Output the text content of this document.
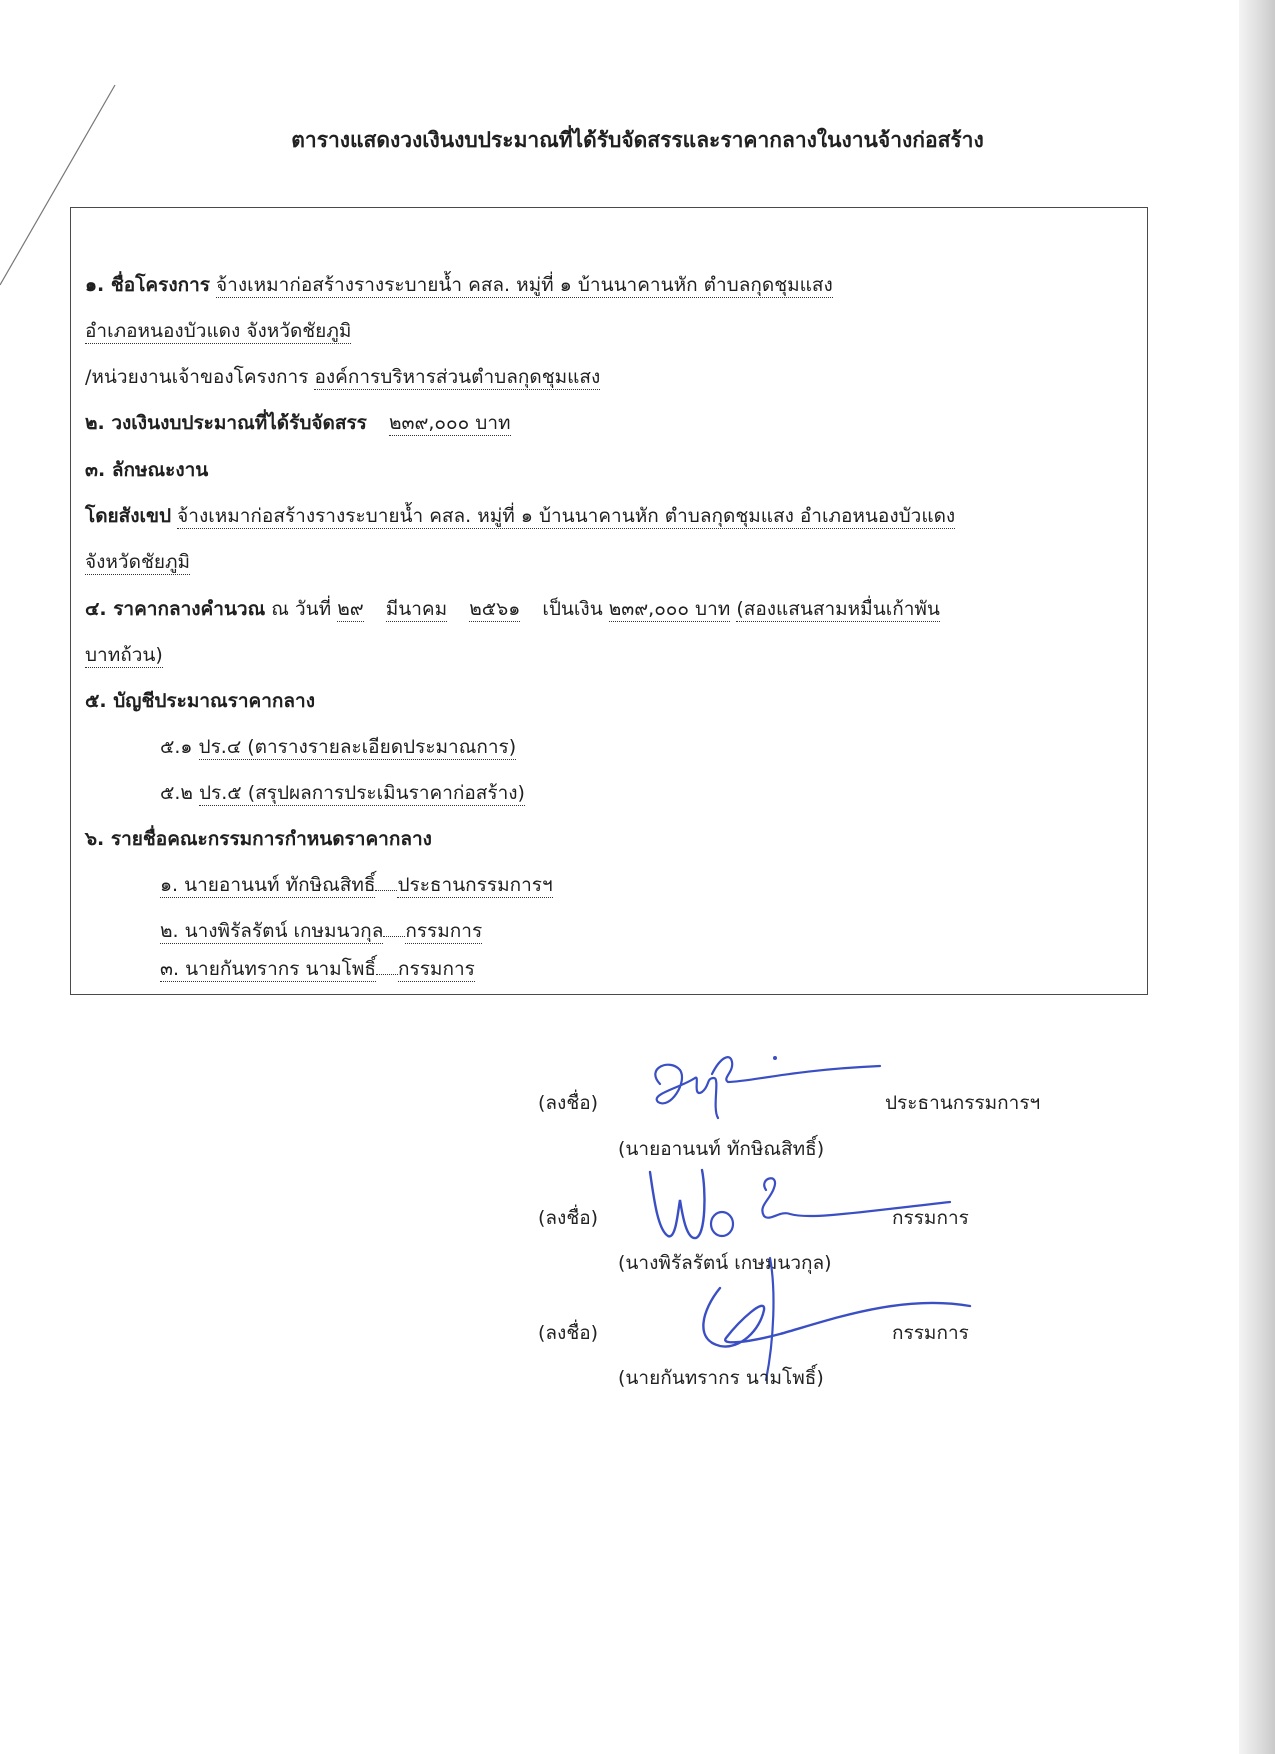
ตารางแสดงวงเงินงบประมาณที่ได้รับจัดสรรและราคากลางในงานจ้างก่อสร้าง
๑. ชื่อโครงการ จ้างเหมาก่อสร้างรางระบายน้ำ คสล. หมู่ที่ ๑ บ้านนาคานหัก ตำบลกุดชุมแสง
อำเภอหนองบัวแดง จังหวัดชัยภูมิ
/หน่วยงานเจ้าของโครงการ องค์การบริหารส่วนตำบลกุดชุมแสง
๒. วงเงินงบประมาณที่ได้รับจัดสรร ๒๓๙,๐๐๐ บาท
๓. ลักษณะงาน
โดยสังเขป จ้างเหมาก่อสร้างรางระบายน้ำ คสล. หมู่ที่ ๑ บ้านนาคานหัก ตำบลกุดชุมแสง อำเภอหนองบัวแดง
จังหวัดชัยภูมิ
๔. ราคากลางคำนวณ ณ วันที่ ๒๙ มีนาคม ๒๕๖๑ เป็นเงิน ๒๓๙,๐๐๐ บาท (สองแสนสามหมื่นเก้าพัน
บาทถ้วน)
๕. บัญชีประมาณราคากลาง
๕.๑ ปร.๔ (ตารางรายละเอียดประมาณการ)
๕.๒ ปร.๕ (สรุปผลการประเมินราคาก่อสร้าง)
๖. รายชื่อคณะกรรมการกำหนดราคากลาง
๑. นายอานนท์ ทักษิณสิทธิ์ ประธานกรรมการฯ
๒. นางพิรัลรัตน์ เกษมนวกุล กรรมการ
๓. นายกันทรากร นามโพธิ์ กรรมการ
(ลงชื่อ)	ประธานกรรมการฯ
(นายอานนท์ ทักษิณสิทธิ์)
(ลงชื่อ)	กรรมการ
(นางพิรัลรัตน์ เกษมนวกุล)
(ลงชื่อ)	กรรมการ
(นายกันทรากร นามโพธิ์)
